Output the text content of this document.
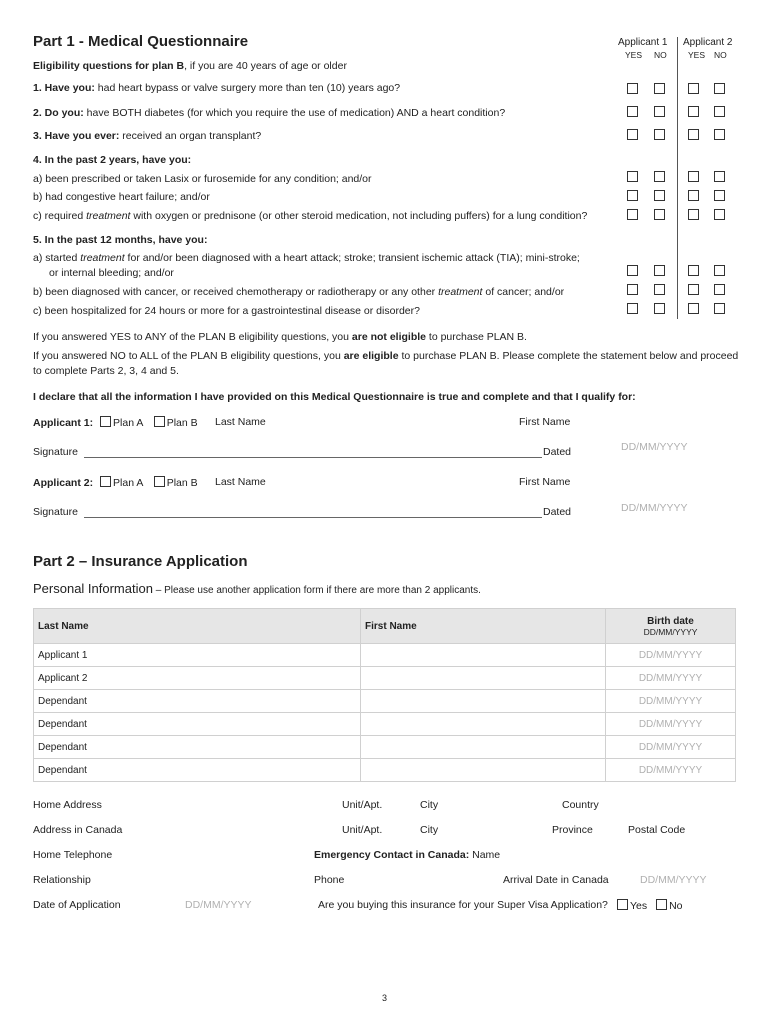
Part 1 - Medical Questionnaire
Eligibility questions for plan B, if you are 40 years of age or older
Applicant 1 Applicant 2
YES NO	YES NO
1. Have you: had heart bypass or valve surgery more than ten (10) years ago?
2. Do you: have BOTH diabetes (for which you require the use of medication) AND a heart condition?
3. Have you ever: received an organ transplant?
4. In the past 2 years, have you:
a) been prescribed or taken Lasix or furosemide for any condition; and/or
b) had congestive heart failure; and/or
c) required treatment with oxygen or prednisone (or other steroid medication, not including puffers) for a lung condition?
5. In the past 12 months, have you:
a) started treatment for and/or been diagnosed with a heart attack; stroke; transient ischemic attack (TIA); mini-stroke;
or internal bleeding; and/or
b) been diagnosed with cancer, or received chemotherapy or radiotherapy or any other treatment of cancer; and/or
c) been hospitalized for 24 hours or more for a gastrointestinal disease or disorder?
If you answered YES to ANY of the PLAN B eligibility questions, you are not eligible to purchase PLAN B.
If you answered NO to ALL of the PLAN B eligibility questions, you are eligible to purchase PLAN B. Please complete the statement below and proceed
to complete Parts 2, 3, 4 and 5.
I declare that all the information I have provided on this Medical Questionnaire is true and complete and that I qualify for:
Applicant 1: Plan A Plan B Last Name	First Name
Signature	Dated	DD/MM/YYYY
Applicant 2: Plan A Plan B Last Name	First Name
Signature	Dated	DD/MM/YYYY
Part 2 – Insurance Application
Personal Information – Please use another application form if there are more than 2 applicants.
Last Name	First Name	Birth date
DD/MM/YYYY

Applicant 1		DD/MM/YYYY
Applicant 2		DD/MM/YYYY
Dependant		DD/MM/YYYY
Dependant		DD/MM/YYYY
Dependant		DD/MM/YYYY
Dependant		DD/MM/YYYY
Home Address	Unit/Apt.	City	Country
Address in Canada	Unit/Apt.	City	Province	Postal Code
Home Telephone	Emergency Contact in Canada: Name
Relationship	Phone	Arrival Date in Canada	DD/MM/YYYY
Date of Application	DD/MM/YYYY	Are you buying this insurance for your Super Visa Application?	Yes No
3
